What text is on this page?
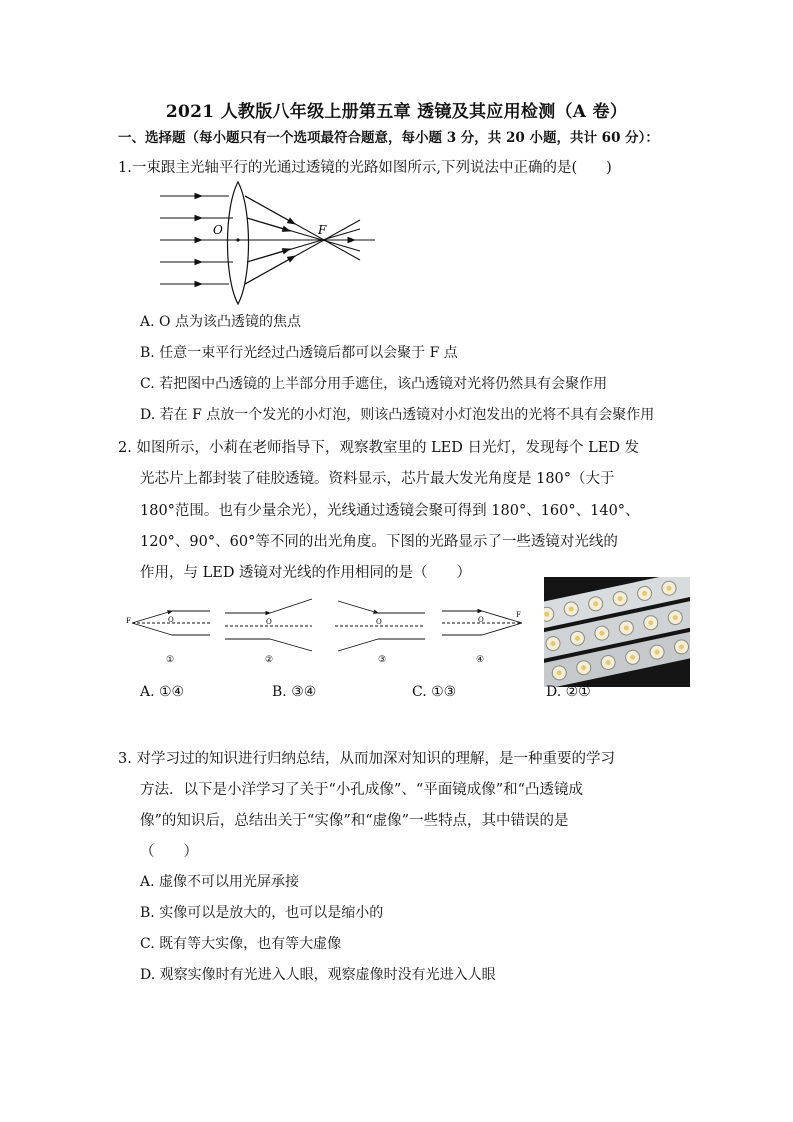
2021 人教版八年级上册第五章 透镜及其应用检测（A 卷）
一、选择题（每小题只有一个选项最符合题意，每小题 3 分，共 20 小题，共计 60 分）：
1.一束跟主光轴平行的光通过透镜的光路如图所示,下列说法中正确的是(　　)
O	F
A. O 点为该凸透镜的焦点
B. 任意一束平行光经过凸透镜后都可以会聚于 F 点
C. 若把图中凸透镜的上半部分用手遮住，该凸透镜对光将仍然具有会聚作用
D. 若在 F 点放一个发光的小灯泡，则该凸透镜对小灯泡发出的光将不具有会聚作用
2. 如图所示，小莉在老师指导下，观察教室里的 LED 日光灯，发现每个 LED 发
光芯片上都封装了硅胶透镜。资料显示，芯片最大发光角度是 180°（大于
180°范围。也有少量余光），光线通过透镜会聚可得到 180°、160°、140°、
120°、90°、60°等不同的出光角度。下图的光路显示了一些透镜对光线的
作用，与 LED 透镜对光线的作用相同的是（　　）
F	O
①
O
②
O
③
F
O
④
A. ①④	B. ③④	C. ①③	D. ②①
3. 对学习过的知识进行归纳总结，从而加深对知识的理解，是一种重要的学习
方法．以下是小洋学习了关于“小孔成像”、“平面镜成像”和“凸透镜成
像”的知识后，总结出关于“实像”和“虚像”一些特点，其中错误的是
（　　）
A. 虚像不可以用光屏承接
B. 实像可以是放大的，也可以是缩小的
C. 既有等大实像，也有等大虚像
D. 观察实像时有光进入人眼，观察虚像时没有光进入人眼
